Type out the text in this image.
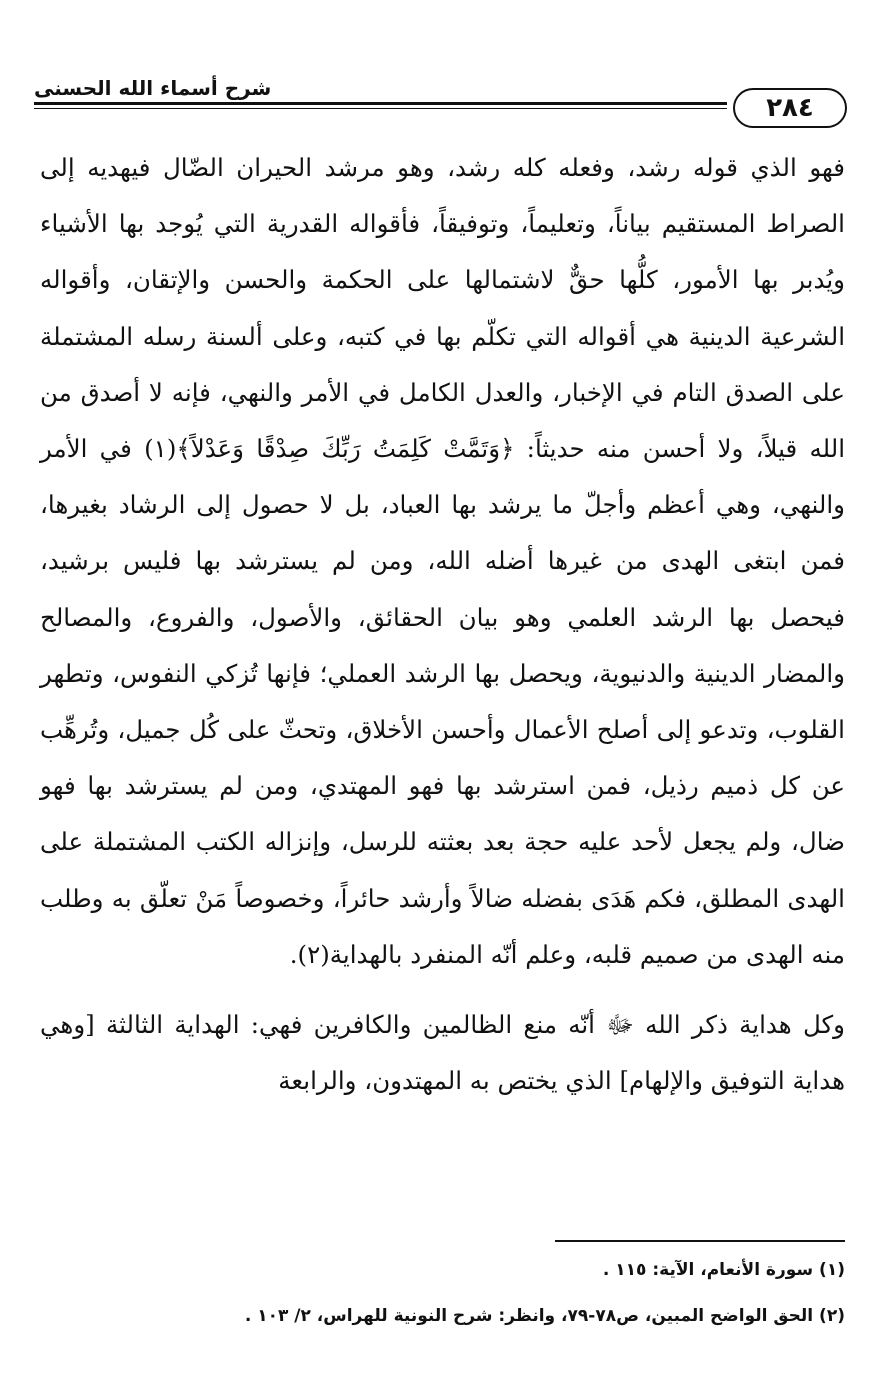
شرح أسماء الله الحسنى
٢٨٤

فهو الذي قوله رشد، وفعله كله رشد، وهو مرشد الحيران الضّال فيهديه إلى الصراط المستقيم بياناً، وتعليماً، وتوفيقاً، فأقواله القدرية التي يُوجد بها الأشياء ويُدبر بها الأمور، كلُّها حقٌّ لاشتمالها على الحكمة والحسن والإتقان، وأقواله الشرعية الدينية هي أقواله التي تكلّم بها في كتبه، وعلى ألسنة رسله المشتملة على الصدق التام في الإخبار، والعدل الكامل في الأمر والنهي، فإنه لا أصدق من الله قيلاً، ولا أحسن منه حديثاً: ﴿وَتَمَّتْ كَلِمَتُ رَبِّكَ صِدْقًا وَعَدْلاً﴾(١) في الأمر والنهي، وهي أعظم وأجلّ ما يرشد بها العباد، بل لا حصول إلى الرشاد بغيرها، فمن ابتغى الهدى من غيرها أضله الله، ومن لم يسترشد بها فليس برشيد، فيحصل بها الرشد العلمي وهو بيان الحقائق، والأصول، والفروع، والمصالح والمضار الدينية والدنيوية، ويحصل بها الرشد العملي؛ فإنها تُزكي النفوس، وتطهر القلوب، وتدعو إلى أصلح الأعمال وأحسن الأخلاق، وتحثّ على كُل جميل، وتُرهِّب عن كل ذميم رذيل، فمن استرشد بها فهو المهتدي، ومن لم يسترشد بها فهو ضال، ولم يجعل لأحد عليه حجة بعد بعثته للرسل، وإنزاله الكتب المشتملة على الهدى المطلق، فكم هَدَى بفضله ضالاً وأرشد حائراً، وخصوصاً مَنْ تعلّق به وطلب منه الهدى من صميم قلبه، وعلم أنّه المنفرد بالهداية(٢).

وكل هداية ذكر الله ﷻ أنّه منع الظالمين والكافرين فهي: الهداية الثالثة [وهي هداية التوفيق والإلهام] الذي يختص به المهتدون، والرابعة

(١) سورة الأنعام، الآية: ١١٥ .

(٢) الحق الواضح المبين، ص٧٨-٧٩، وانظر: شرح النونية للهراس، ٢/ ١٠٣ .
